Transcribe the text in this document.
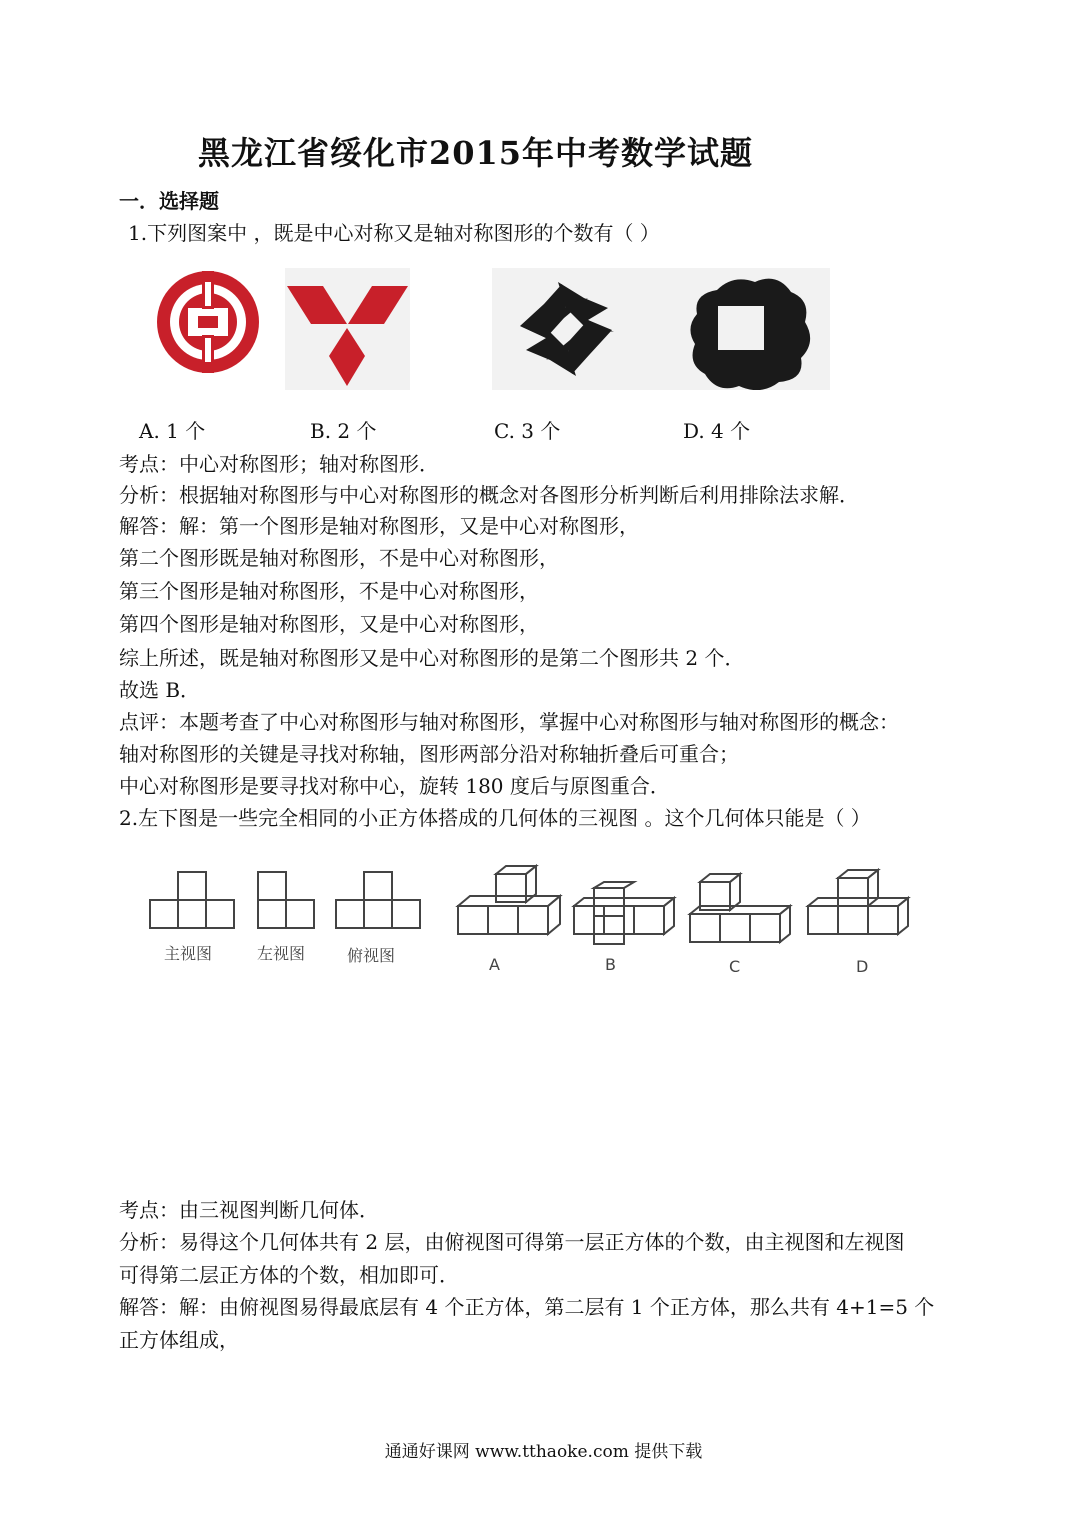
黑龙江省绥化市2015年中考数学试题
一．选择题
1.下列图案中 ，既是中心对称又是轴对称图形的个数有（ ）
A. 1 个	B. 2 个	C. 3 个	D. 4 个
考点：中心对称图形；轴对称图形．
分析：根据轴对称图形与中心对称图形的概念对各图形分析判断后利用排除法求解．
解答：解：第一个图形是轴对称图形，又是中心对称图形，
第二个图形既是轴对称图形，不是中心对称图形，
第三个图形是轴对称图形，不是中心对称图形，
第四个图形是轴对称图形，又是中心对称图形，
综上所述，既是轴对称图形又是中心对称图形的是第二个图形共 2 个．
故选 B．
点评：本题考查了中心对称图形与轴对称图形，掌握中心对称图形与轴对称图形的概念：
轴对称图形的关键是寻找对称轴，图形两部分沿对称轴折叠后可重合；
中心对称图形是要寻找对称中心，旋转 180 度后与原图重合．
2.左下图是一些完全相同的小正方体搭成的几何体的三视图 。这个几何体只能是（ ）
主视图	左视图	俯视图	A	B	C	D
考点：由三视图判断几何体．
分析：易得这个几何体共有 2 层，由俯视图可得第一层正方体的个数，由主视图和左视图
可得第二层正方体的个数，相加即可．
解答：解：由俯视图易得最底层有 4 个正方体，第二层有 1 个正方体，那么共有 4+1=5 个
正方体组成，
通通好课网 www.tthaoke.com 提供下载
